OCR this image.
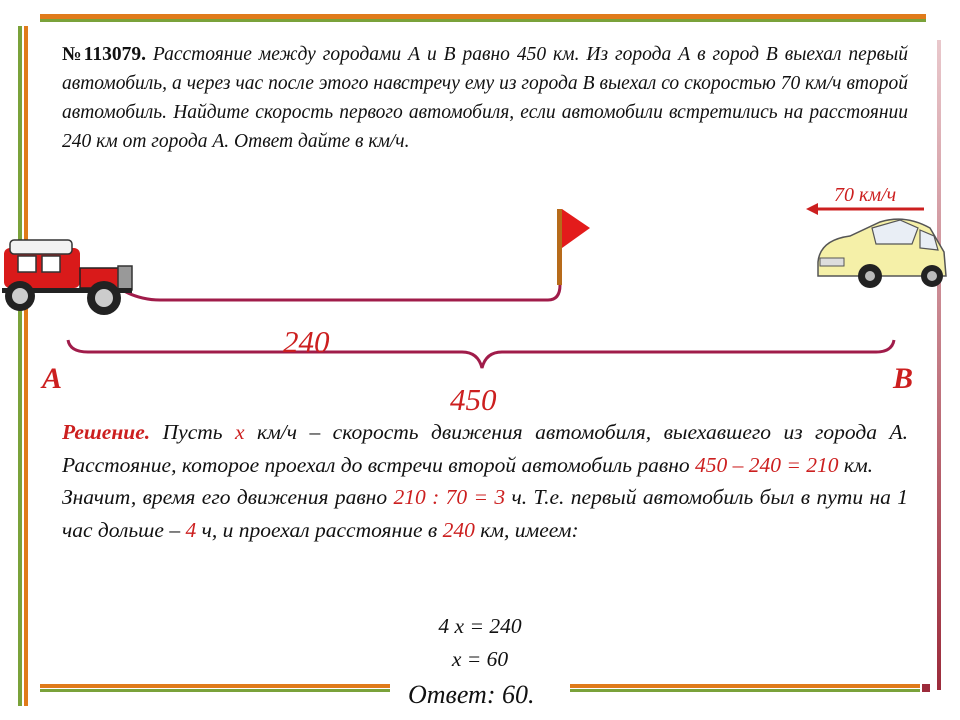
№113079. Расстояние между городами А и В равно 450 км. Из города А в город В выехал первый автомобиль, а через час после этого навстречу ему из города В выехал со скоростью 70 км/ч второй автомобиль. Найдите скорость первого автомобиля, если автомобили встретились на расстоянии 240 км от города А. Ответ дайте в км/ч.
70 км/ч
240
450
А	В
Решение. Пусть x км/ч – скорость движения автомобиля, выехавшего из города А. Расстояние, которое проехал до встречи второй автомобиль равно 450 – 240 = 210 км.
Значит, время его движения равно 210 : 70 = 3 ч. Т.е. первый автомобиль был в пути на 1 час дольше – 4 ч, и проехал расстояние в 240 км, имеем:
4 x = 240
x = 60
Ответ: 60.
